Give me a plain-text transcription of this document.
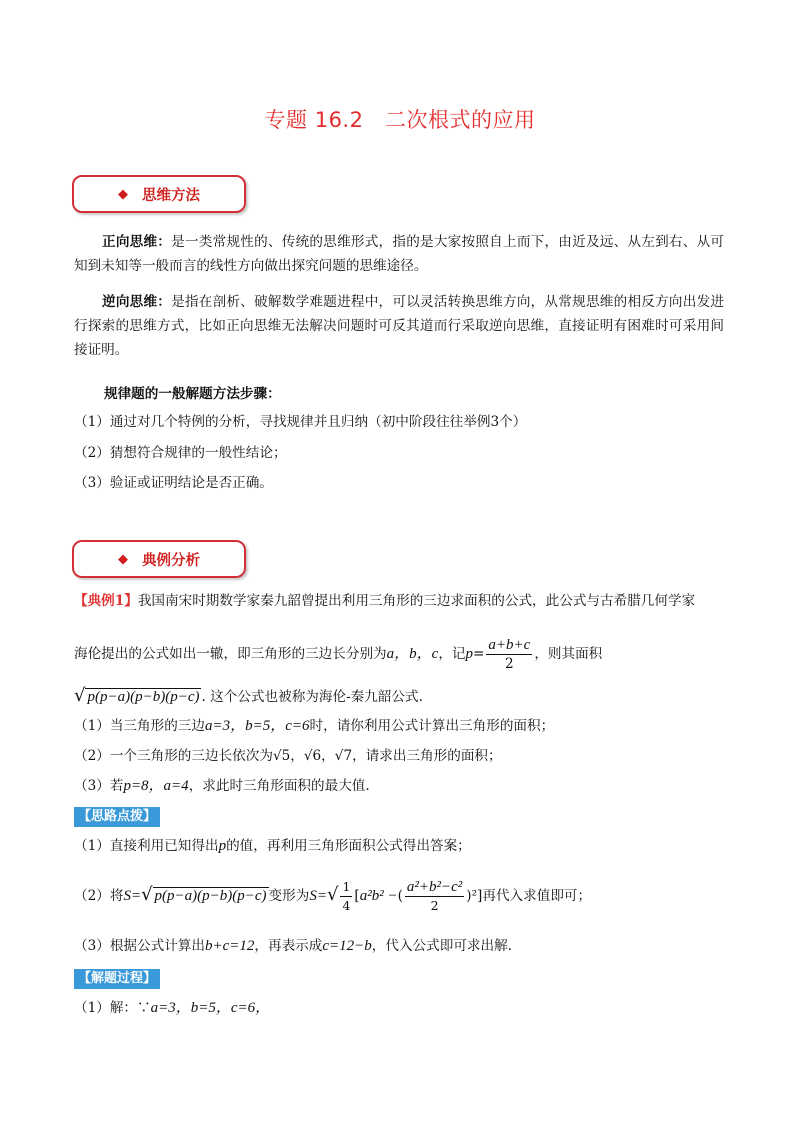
专题 16.2　二次根式的应用
◆ 思维方法
正向思维：是一类常规性的、传统的思维形式，指的是大家按照自上而下，由近及远、从左到右、从可知到未知等一般而言的线性方向做出探究问题的思维途径。
逆向思维：是指在剖析、破解数学难题进程中，可以灵活转换思维方向，从常规思维的相反方向出发进行探索的思维方式，比如正向思维无法解决问题时可反其道而行采取逆向思维，直接证明有困难时可采用间接证明。
规律题的一般解题方法步骤：
（1）通过对几个特例的分析，寻找规律并且归纳（初中阶段往往举例3个）
（2）猜想符合规律的一般性结论；
（3）验证或证明结论是否正确。
◆ 典例分析
【典例1】我国南宋时期数学家秦九韶曾提出利用三角形的三边求面积的公式，此公式与古希腊几何学家
海伦提出的公式如出一辙，即三角形的三边长分别为a，b，c，记$p= \frac{a+b+c}{2}$ ，则其面积
√ p(p−a)(p−b)(p−c) . 这个公式也被称为海伦-秦九韶公式.
（1）当三角形的三边a=3，b=5，c=6时，请你利用公式计算出三角形的面积；
（2）一个三角形的三边长依次为√5，√6，√7，请求出三角形的面积；
（3）若p=8，a=4，求此时三角形面积的最大值.
【思路点拨】
（1）直接利用已知得出p的值，再利用三角形面积公式得出答案；
（2）将S=√ p(p−a)(p−b)(p−c) 变形为$S=√ \frac{1}{4} [a^2b^2$ −( $\frac{\text{a²+b²−c²}}{2} )^2$]再代入求值即可；
（3）根据公式计算出b+c=12，再表示成c=12−b，代入公式即可求出解.
【解题过程】
（1）解：∵a=3，b=5，c=6，
